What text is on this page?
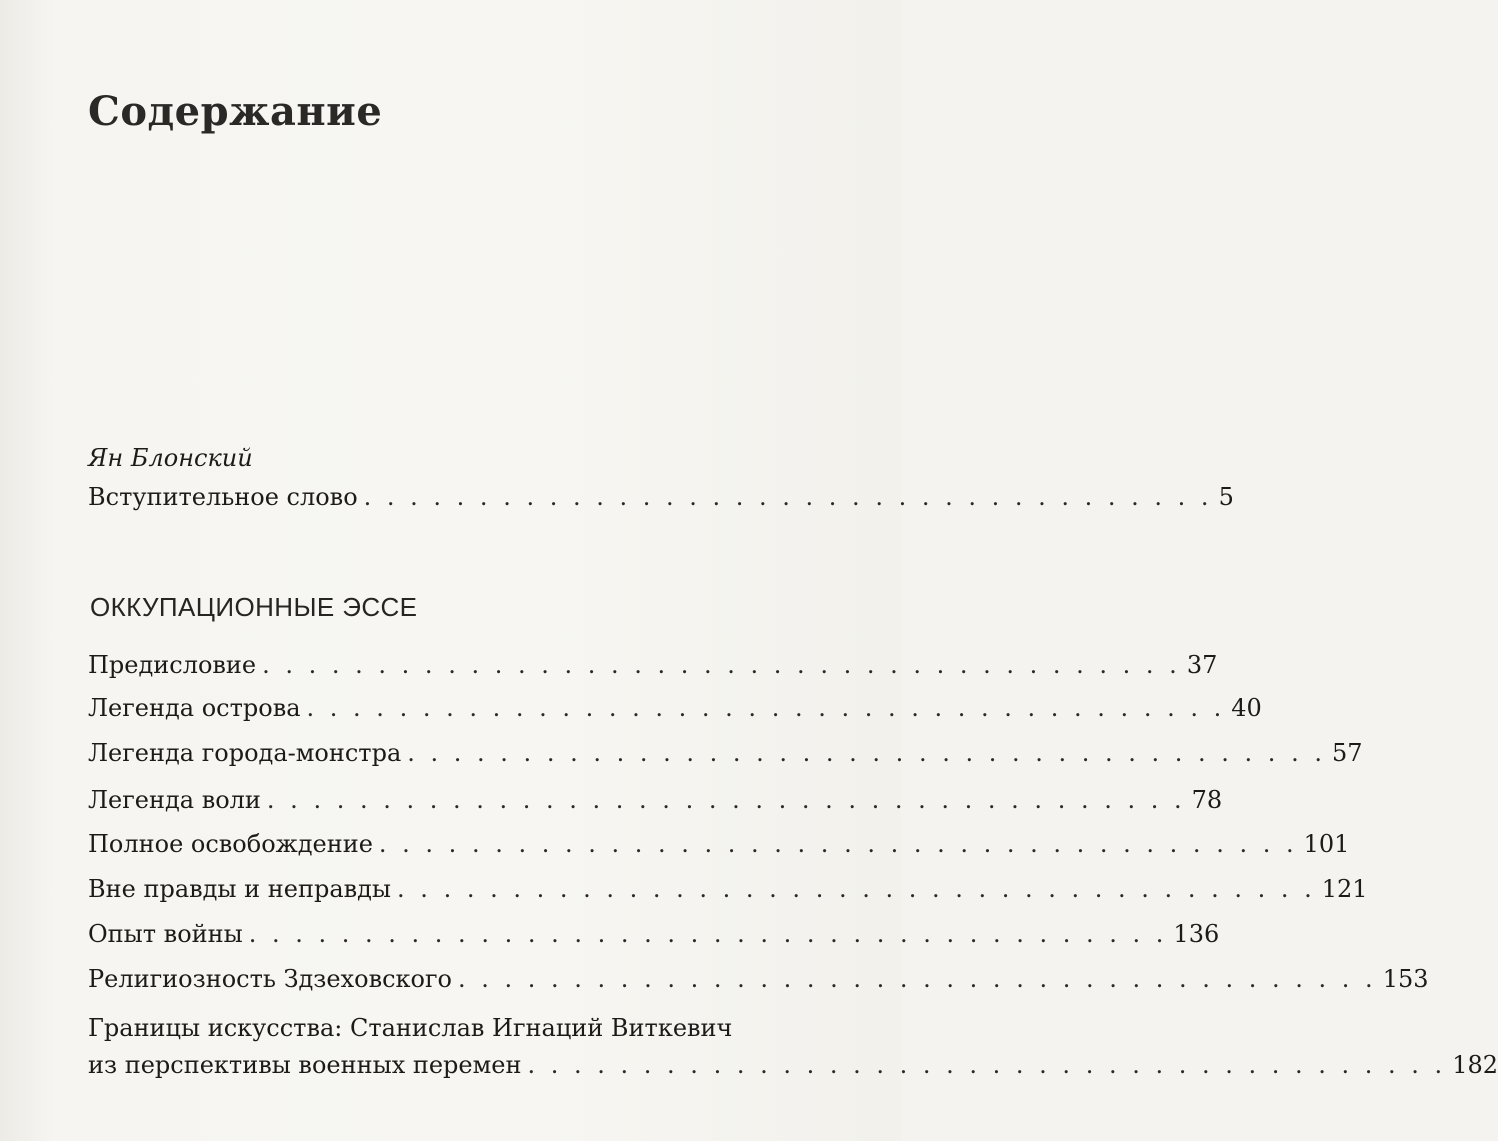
Содержание
Ян Блонский
Вступительное слово . . . . . . . . . . . . . . . . . . . . . . . . . . . . . . . . . . . . . 5
ОККУПАЦИОННЫЕ ЭССЕ
Предисловие . . . . . . . . . . . . . . . . . . . . . . . . . . . . . . . . . . . . . . . . 37
Легенда острова . . . . . . . . . . . . . . . . . . . . . . . . . . . . . . . . . . . . . . . . 40
Легенда города-монстра . . . . . . . . . . . . . . . . . . . . . . . . . . . . . . . . . . . . . . . . 57
Легенда воли . . . . . . . . . . . . . . . . . . . . . . . . . . . . . . . . . . . . . . . . 78
Полное освобождение . . . . . . . . . . . . . . . . . . . . . . . . . . . . . . . . . . . . . . . . 101
Вне правды и неправды . . . . . . . . . . . . . . . . . . . . . . . . . . . . . . . . . . . . . . . . 121
Опыт войны . . . . . . . . . . . . . . . . . . . . . . . . . . . . . . . . . . . . . . . . 136
Религиозность Здзеховского . . . . . . . . . . . . . . . . . . . . . . . . . . . . . . . . . . . . . . . . 153
Границы искусства: Станислав Игнаций Виткевич
из перспективы военных перемен . . . . . . . . . . . . . . . . . . . . . . . . . . . . . . . . . . . . . . . . 182
